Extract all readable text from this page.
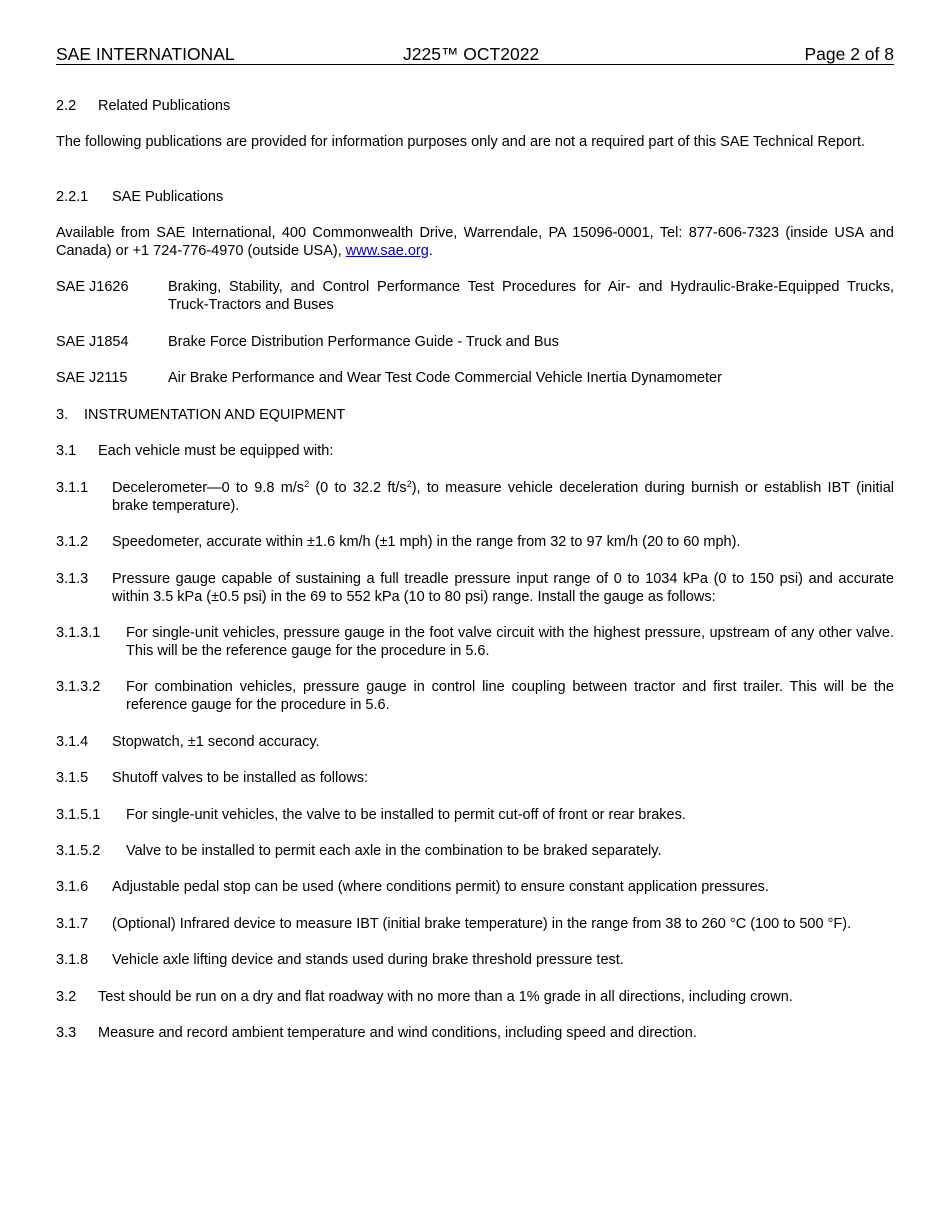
SAE INTERNATIONAL	J225™ OCT2022	Page 2 of 8
2.2 Related Publications
The following publications are provided for information purposes only and are not a required part of this SAE Technical Report.
2.2.1 SAE Publications
Available from SAE International, 400 Commonwealth Drive, Warrendale, PA 15096-0001, Tel: 877-606-7323 (inside USA and Canada) or +1 724-776-4970 (outside USA), www.sae.org.
SAE J1626	Braking, Stability, and Control Performance Test Procedures for Air- and Hydraulic-Brake-Equipped Trucks, Truck-Tractors and Buses
SAE J1854	Brake Force Distribution Performance Guide - Truck and Bus
SAE J2115	Air Brake Performance and Wear Test Code Commercial Vehicle Inertia Dynamometer
3. INSTRUMENTATION AND EQUIPMENT
3.1 Each vehicle must be equipped with:
3.1.1 Decelerometer—0 to 9.8 $m/s^2$ (0 to 32.2 $ft/s^2$), to measure vehicle deceleration during burnish or establish IBT (initial brake temperature).
3.1.2 Speedometer, accurate within ±1.6 km/h (±1 mph) in the range from 32 to 97 km/h (20 to 60 mph).
3.1.3 Pressure gauge capable of sustaining a full treadle pressure input range of 0 to 1034 kPa (0 to 150 psi) and accurate within 3.5 kPa (±0.5 psi) in the 69 to 552 kPa (10 to 80 psi) range. Install the gauge as follows:
3.1.3.1 For single-unit vehicles, pressure gauge in the foot valve circuit with the highest pressure, upstream of any other valve. This will be the reference gauge for the procedure in 5.6.
3.1.3.2 For combination vehicles, pressure gauge in control line coupling between tractor and first trailer. This will be the reference gauge for the procedure in 5.6.
3.1.4 Stopwatch, ±1 second accuracy.
3.1.5 Shutoff valves to be installed as follows:
3.1.5.1 For single-unit vehicles, the valve to be installed to permit cut-off of front or rear brakes.
3.1.5.2 Valve to be installed to permit each axle in the combination to be braked separately.
3.1.6 Adjustable pedal stop can be used (where conditions permit) to ensure constant application pressures.
3.1.7 (Optional) Infrared device to measure IBT (initial brake temperature) in the range from 38 to 260 °C (100 to 500 °F).
3.1.8 Vehicle axle lifting device and stands used during brake threshold pressure test.
3.2 Test should be run on a dry and flat roadway with no more than a 1% grade in all directions, including crown.
3.3 Measure and record ambient temperature and wind conditions, including speed and direction.
